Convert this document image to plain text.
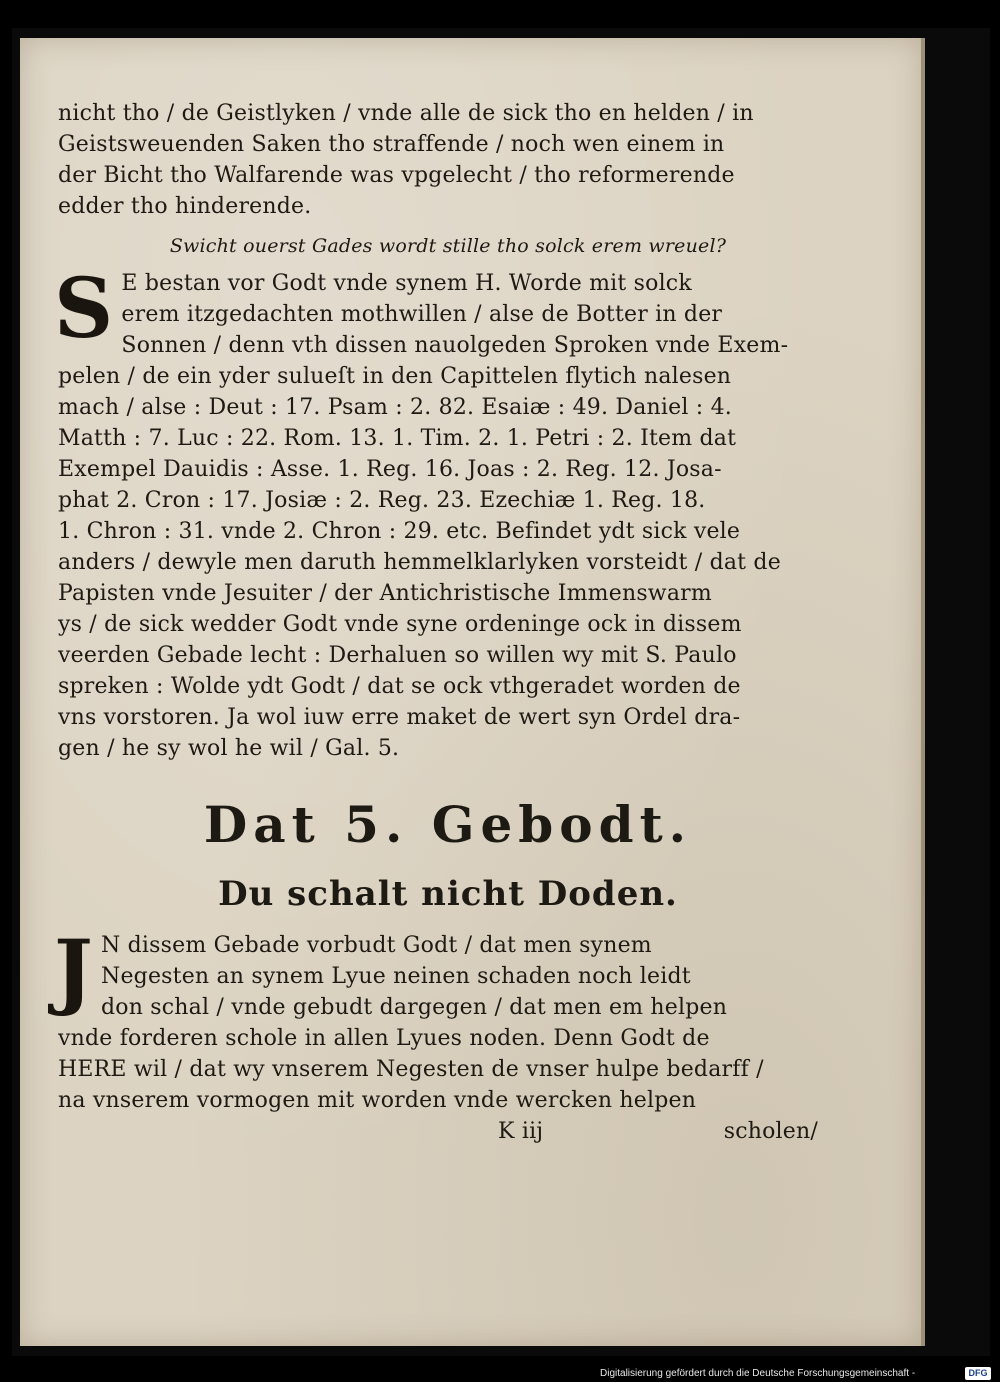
nicht tho / de Geistlyken / vnde alle de sick tho en helden / in
Geistsweuenden Saken tho straffende / noch wen einem in
der Bicht tho Walfarende was vpgelecht / tho reformerende
edder tho hinderende.

Swicht ouerst Gades wordt stille tho solck erem wreuel?
S E bestan vor Godt vnde synem H. Worde mit solck
erem itzgedachten mothwillen / alse de Botter in der
Sonnen / denn vth dissen nauolgeden Sproken vnde Exem-
pelen / de ein yder sulueſt in den Capittelen flytich nalesen
mach / alse : Deut : 17. Psam : 2. 82. Esaiæ : 49. Daniel : 4.
Matth : 7. Luc : 22. Rom. 13. 1. Tim. 2. 1. Petri : 2. Item dat
Exempel Dauidis : Asse. 1. Reg. 16. Joas : 2. Reg. 12. Josa-
phat 2. Cron : 17. Josiæ : 2. Reg. 23. Ezechiæ 1. Reg. 18.
1. Chron : 31. vnde 2. Chron : 29. etc. Befindet ydt sick vele
anders / dewyle men daruth hemmelklarlyken vorsteidt / dat de
Papisten vnde Jesuiter / der Antichristische Immenswarm
ys / de sick wedder Godt vnde syne ordeninge ock in dissem
veerden Gebade lecht : Derhaluen so willen wy mit S. Paulo
spreken : Wolde ydt Godt / dat se ock vthgeradet worden de
vns vorstoren. Ja wol iuw erre maket de wert syn Ordel dra-
gen / he sy wol he wil / Gal. 5.
Dat 5. Gebodt.
Du schalt nicht Doden.
J N dissem Gebade vorbudt Godt / dat men synem
Negesten an synem Lyue neinen schaden noch leidt
don schal / vnde gebudt dargegen / dat men em helpen
vnde forderen schole in allen Lyues noden. Denn Godt de
HERE wil / dat wy vnserem Negesten de vnser hulpe bedarff /
na vnserem vormogen mit worden vnde wercken helpen
K iij	scholen/
Digitalisierung gefördert durch die Deutsche Forschungsgemeinschaft -	DFG
